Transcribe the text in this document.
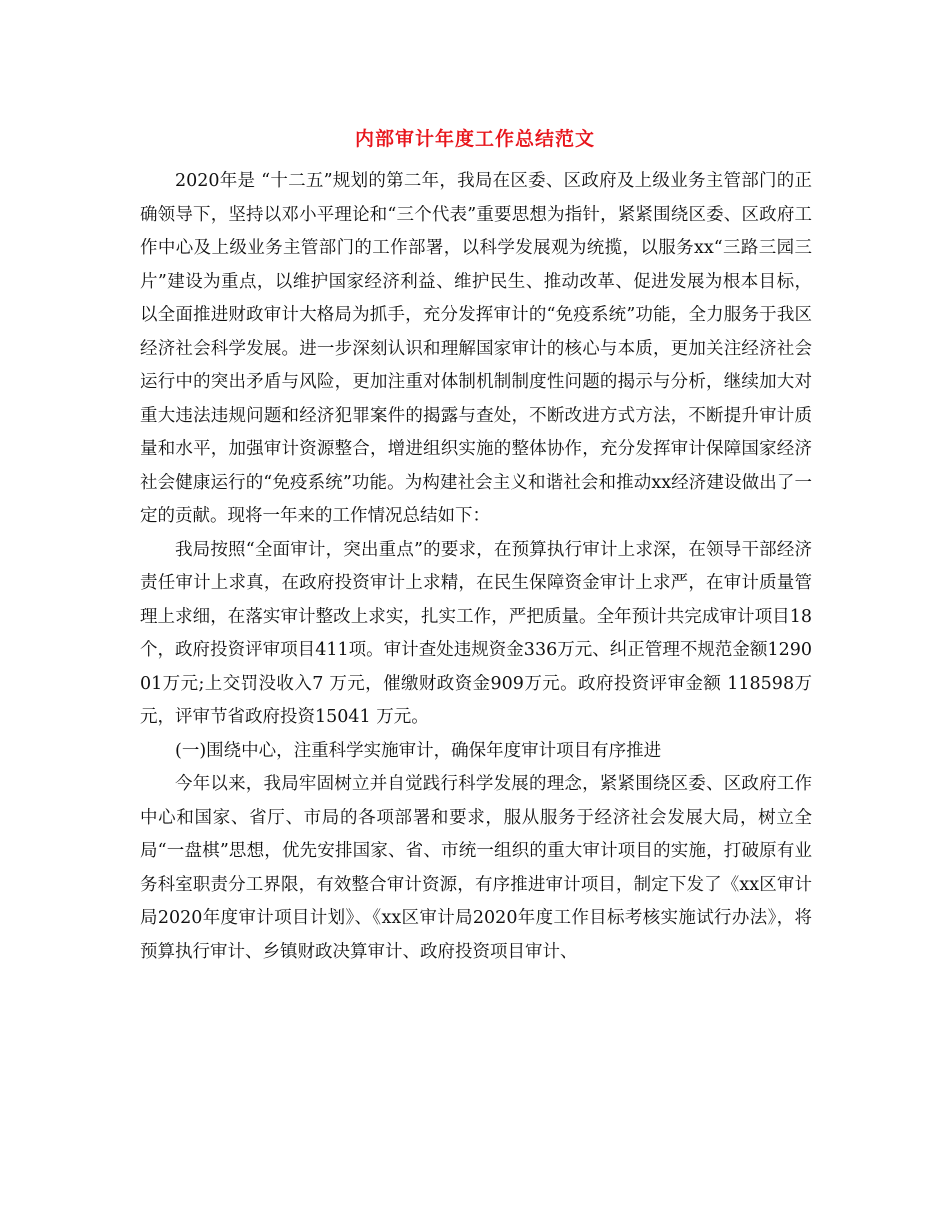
内部审计年度工作总结范文

2020年是 “十二五”规划的第二年，我局在区委、区政府及上级业务主管部门的正确领导下，坚持以邓小平理论和“三个代表”重要思想为指针，紧紧围绕区委、区政府工作中心及上级业务主管部门的工作部署，以科学发展观为统揽，以服务xx“三路三园三片”建设为重点，以维护国家经济利益、维护民生、推动改革、促进发展为根本目标，以全面推进财政审计大格局为抓手，充分发挥审计的“免疫系统”功能，全力服务于我区经济社会科学发展。进一步深刻认识和理解国家审计的核心与本质，更加关注经济社会运行中的突出矛盾与风险，更加注重对体制机制制度性问题的揭示与分析，继续加大对重大违法违规问题和经济犯罪案件的揭露与查处，不断改进方式方法，不断提升审计质量和水平，加强审计资源整合，增进组织实施的整体协作，充分发挥审计保障国家经济社会健康运行的“免疫系统”功能。为构建社会主义和谐社会和推动xx经济建设做出了一定的贡献。现将一年来的工作情况总结如下：

我局按照“全面审计，突出重点”的要求，在预算执行审计上求深，在领导干部经济责任审计上求真，在政府投资审计上求精，在民生保障资金审计上求严，在审计质量管理上求细，在落实审计整改上求实，扎实工作，严把质量。全年预计共完成审计项目18个，政府投资评审项目411项。审计查处违规资金336万元、纠正管理不规范金额129001万元;上交罚没收入7 万元，催缴财政资金909万元。政府投资评审金额 118598万元，评审节省政府投资15041 万元。

(一)围绕中心，注重科学实施审计，确保年度审计项目有序推进

今年以来，我局牢固树立并自觉践行科学发展的理念，紧紧围绕区委、区政府工作中心和国家、省厅、市局的各项部署和要求，服从服务于经济社会发展大局，树立全局“一盘棋”思想，优先安排国家、省、市统一组织的重大审计项目的实施，打破原有业务科室职责分工界限，有效整合审计资源，有序推进审计项目，制定下发了《xx区审计局2020年度审计项目计划》、《xx区审计局2020年度工作目标考核实施试行办法》，将预算执行审计、乡镇财政决算审计、政府投资项目审计、
